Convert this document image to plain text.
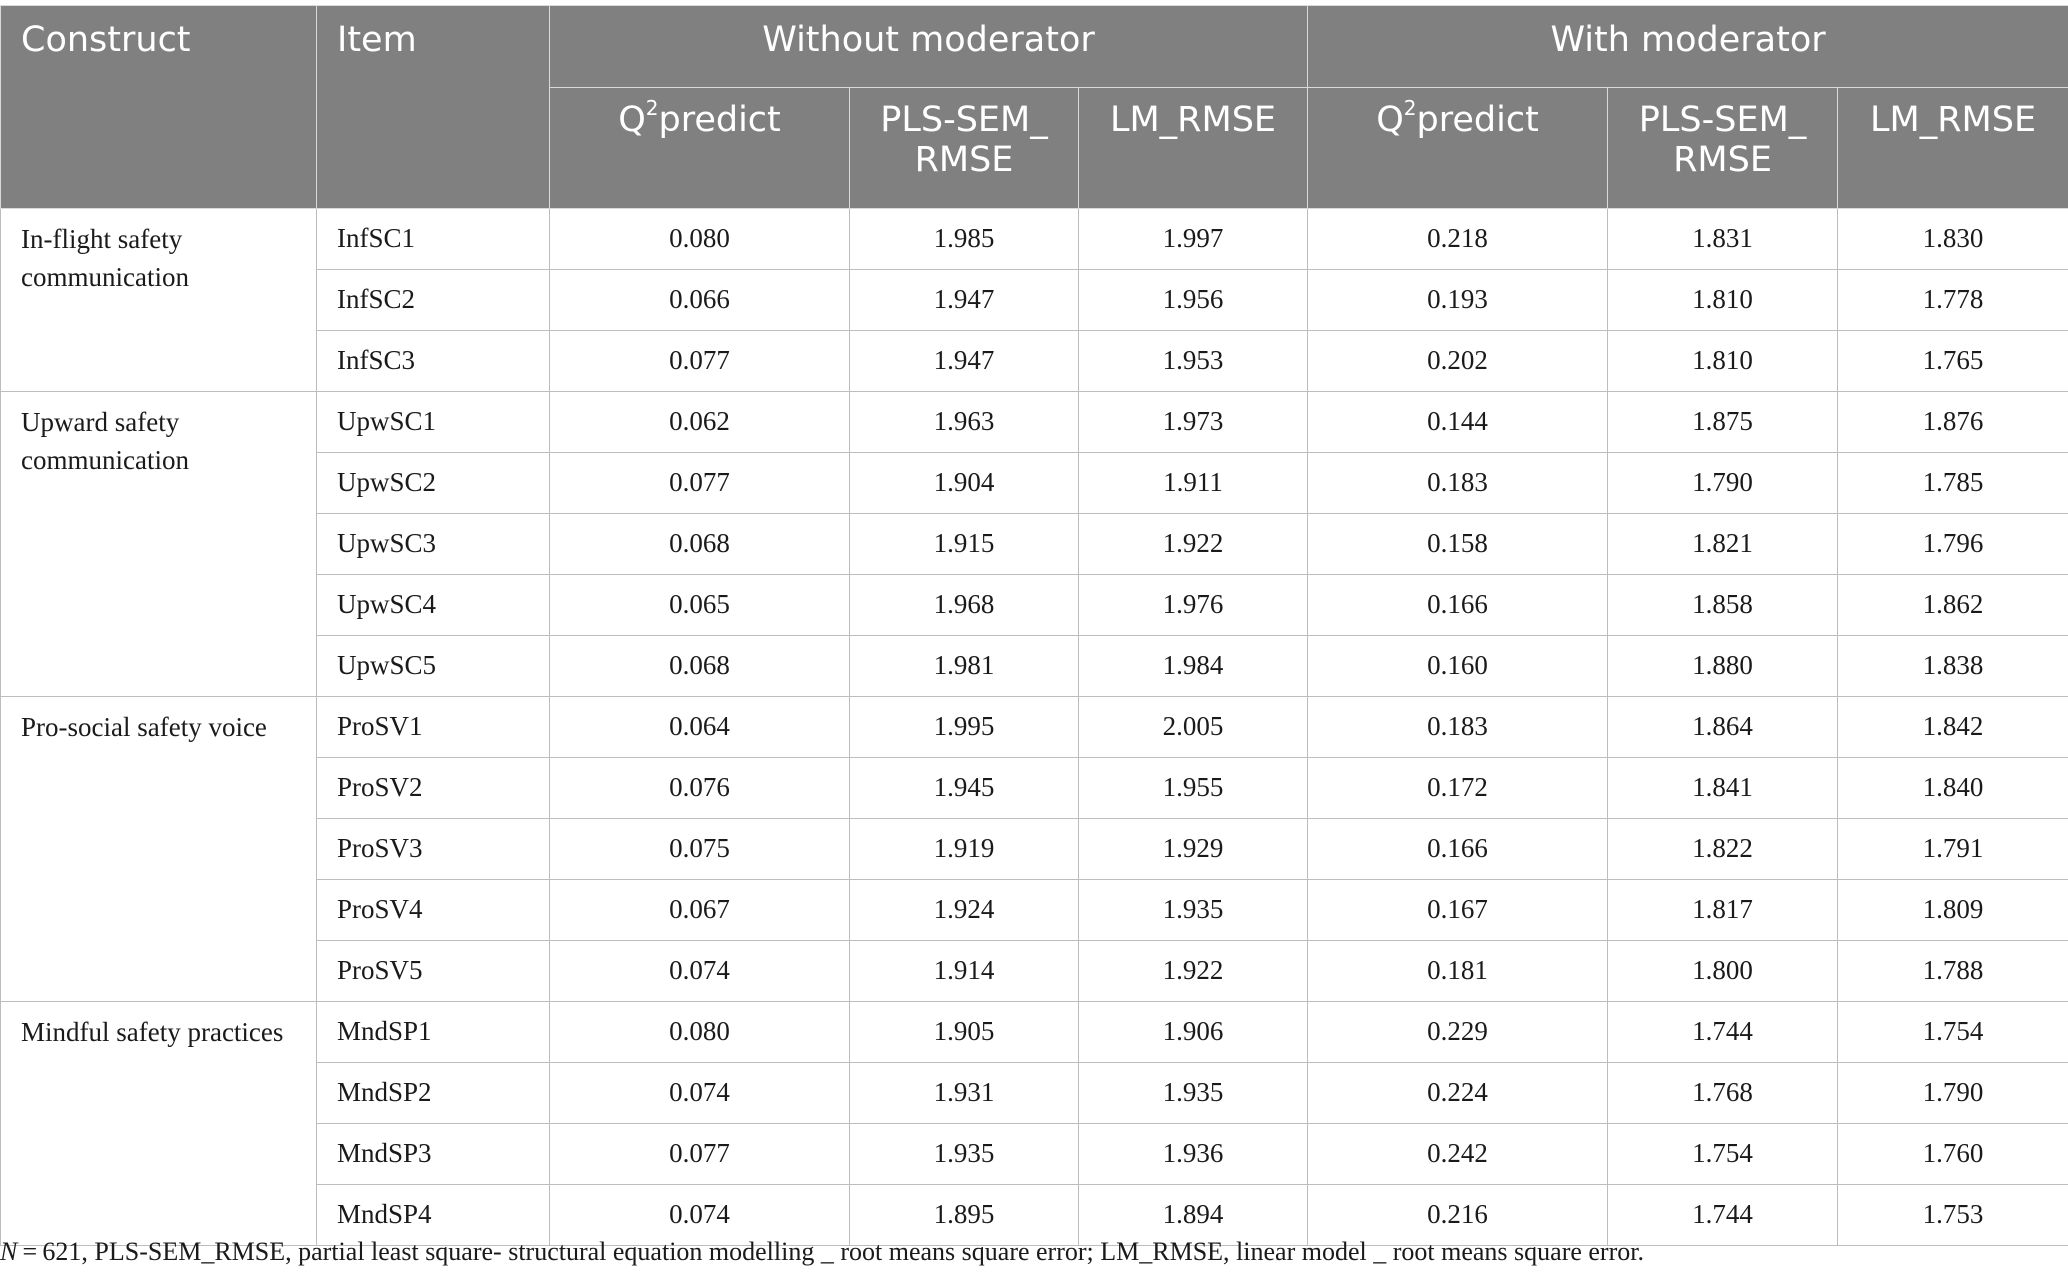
Construct	Item	Without moderator			With moderator		
		$Q^2predict$	PLS-SEM_ RMSE	LM_RMSE	$Q^2predict$	PLS-SEM_ RMSE	LM_RMSE
In-flight safety communication	InfSC1	0.080	1.985	1.997	0.218	1.831	1.830
	InfSC2	0.066	1.947	1.956	0.193	1.810	1.778
	InfSC3	0.077	1.947	1.953	0.202	1.810	1.765
Upward safety communication	UpwSC1	0.062	1.963	1.973	0.144	1.875	1.876
	UpwSC2	0.077	1.904	1.911	0.183	1.790	1.785
	UpwSC3	0.068	1.915	1.922	0.158	1.821	1.796
	UpwSC4	0.065	1.968	1.976	0.166	1.858	1.862
	UpwSC5	0.068	1.981	1.984	0.160	1.880	1.838
Pro-social safety voice	ProSV1	0.064	1.995	2.005	0.183	1.864	1.842
	ProSV2	0.076	1.945	1.955	0.172	1.841	1.840
	ProSV3	0.075	1.919	1.929	0.166	1.822	1.791
	ProSV4	0.067	1.924	1.935	0.167	1.817	1.809
	ProSV5	0.074	1.914	1.922	0.181	1.800	1.788
Mindful safety practices	MndSP1	0.080	1.905	1.906	0.229	1.744	1.754
	MndSP2	0.074	1.931	1.935	0.224	1.768	1.790
	MndSP3	0.077	1.935	1.936	0.242	1.754	1.760
	MndSP4	0.074	1.895	1.894	0.216	1.744	1.753
N = 621, PLS-SEM_RMSE, partial least square- structural equation modelling _ root means square error; LM_RMSE, linear model _ root means square error.
